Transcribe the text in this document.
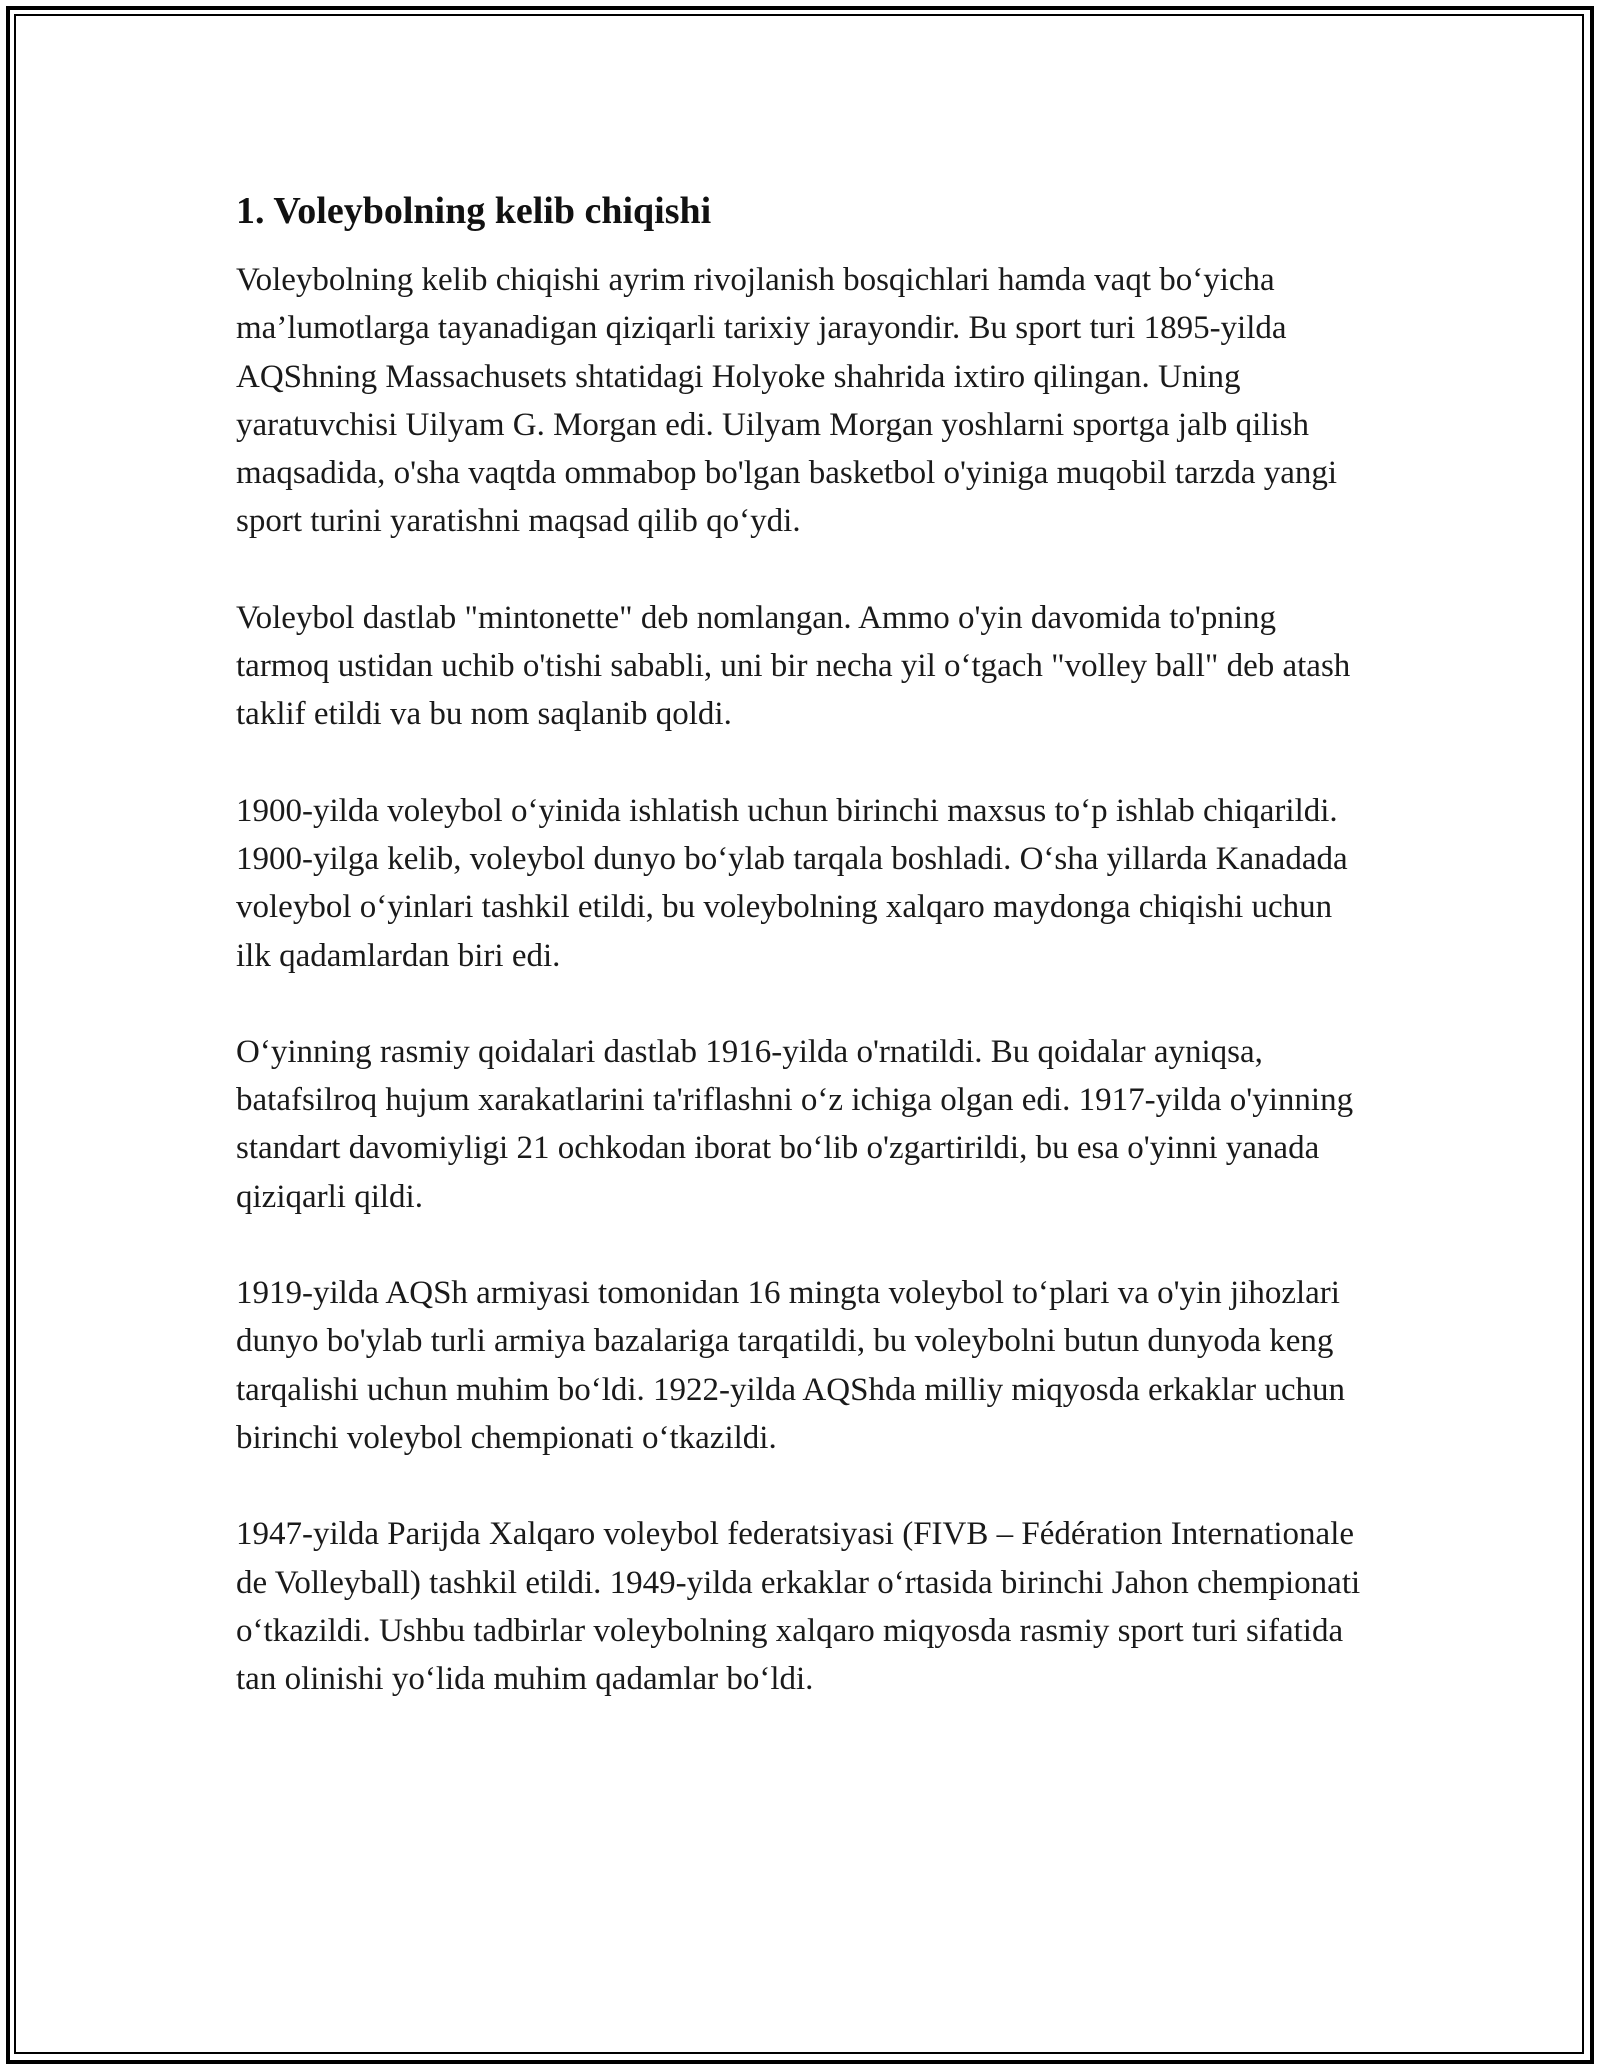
1. Voleybolning kelib chiqishi

Voleybolning kelib chiqishi ayrim rivojlanish bosqichlari hamda vaqt bo‘yicha ma’lumotlarga tayanadigan qiziqarli tarixiy jarayondir. Bu sport turi 1895-yilda AQShning Massachusets shtatidagi Holyoke shahrida ixtiro qilingan. Uning yaratuvchisi Uilyam G. Morgan edi. Uilyam Morgan yoshlarni sportga jalb qilish maqsadida, o'sha vaqtda ommabop bo'lgan basketbol o'yiniga muqobil tarzda yangi sport turini yaratishni maqsad qilib qo‘ydi.

Voleybol dastlab "mintonette" deb nomlangan. Ammo o'yin davomida to'pning tarmoq ustidan uchib o'tishi sababli, uni bir necha yil o‘tgach "volley ball" deb atash taklif etildi va bu nom saqlanib qoldi.

1900-yilda voleybol o‘yinida ishlatish uchun birinchi maxsus to‘p ishlab chiqarildi. 1900-yilga kelib, voleybol dunyo bo‘ylab tarqala boshladi. O‘sha yillarda Kanadada voleybol o‘yinlari tashkil etildi, bu voleybolning xalqaro maydonga chiqishi uchun ilk qadamlardan biri edi.

O‘yinning rasmiy qoidalari dastlab 1916-yilda o'rnatildi. Bu qoidalar ayniqsa, batafsilroq hujum xarakatlarini ta'riflashni o‘z ichiga olgan edi. 1917-yilda o'yinning standart davomiyligi 21 ochkodan iborat bo‘lib o'zgartirildi, bu esa o'yinni yanada qiziqarli qildi.

1919-yilda AQSh armiyasi tomonidan 16 mingta voleybol to‘plari va o'yin jihozlari dunyo bo'ylab turli armiya bazalariga tarqatildi, bu voleybolni butun dunyoda keng tarqalishi uchun muhim bo‘ldi. 1922-yilda AQShda milliy miqyosda erkaklar uchun birinchi voleybol chempionati o‘tkazildi.

1947-yilda Parijda Xalqaro voleybol federatsiyasi (FIVB – Fédération Internationale de Volleyball) tashkil etildi. 1949-yilda erkaklar o‘rtasida birinchi Jahon chempionati o‘tkazildi. Ushbu tadbirlar voleybolning xalqaro miqyosda rasmiy sport turi sifatida tan olinishi yo‘lida muhim qadamlar bo‘ldi.
